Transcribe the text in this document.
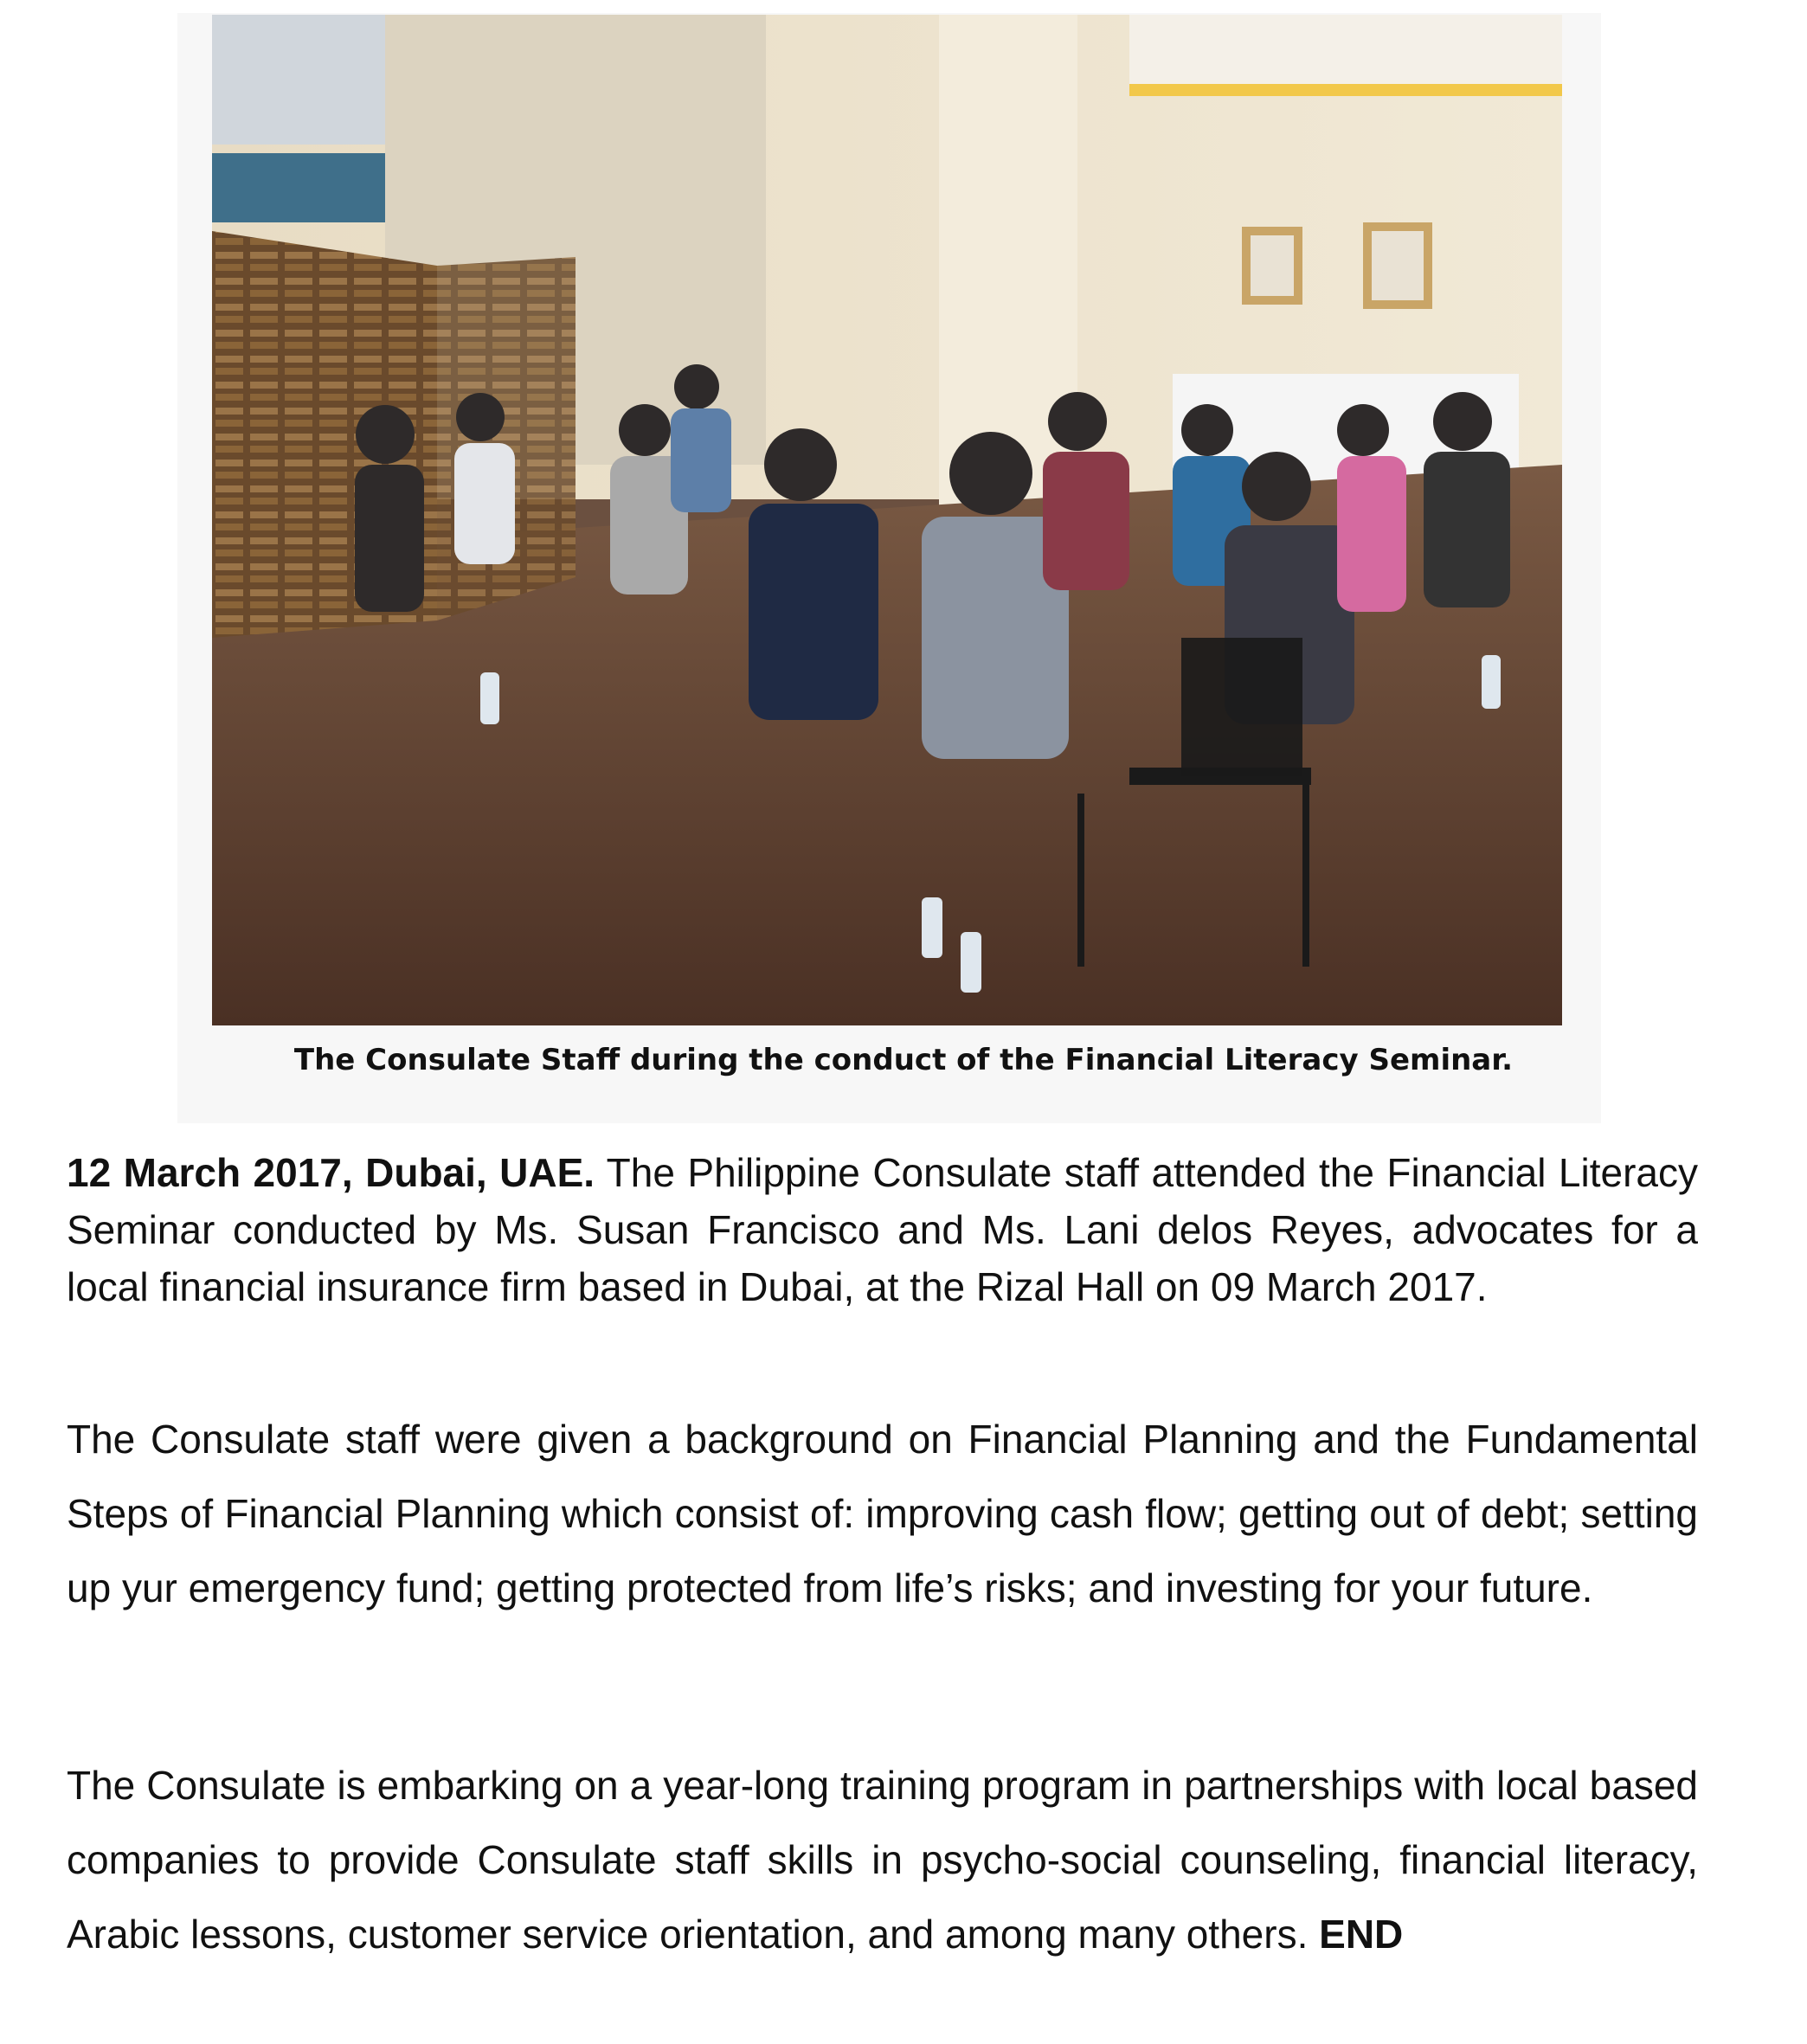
The Consulate Staff during the conduct of the Financial Literacy Seminar.

12 March 2017, Dubai, UAE. The Philippine Consulate staff attended the Financial Literacy Seminar conducted by Ms. Susan Francisco and Ms. Lani delos Reyes, advocates for a local financial insurance firm based in Dubai, at the Rizal Hall on 09 March 2017.

The Consulate staff were given a background on Financial Planning and the Fundamental Steps of Financial Planning which consist of: improving cash flow; getting out of debt; setting up yur emergency fund; getting protected from life’s risks; and investing for your future.

The Consulate is embarking on a year-long training program in partnerships with local based companies to provide Consulate staff skills in psycho-social counseling, financial literacy, Arabic lessons, customer service orientation, and among many others. END
